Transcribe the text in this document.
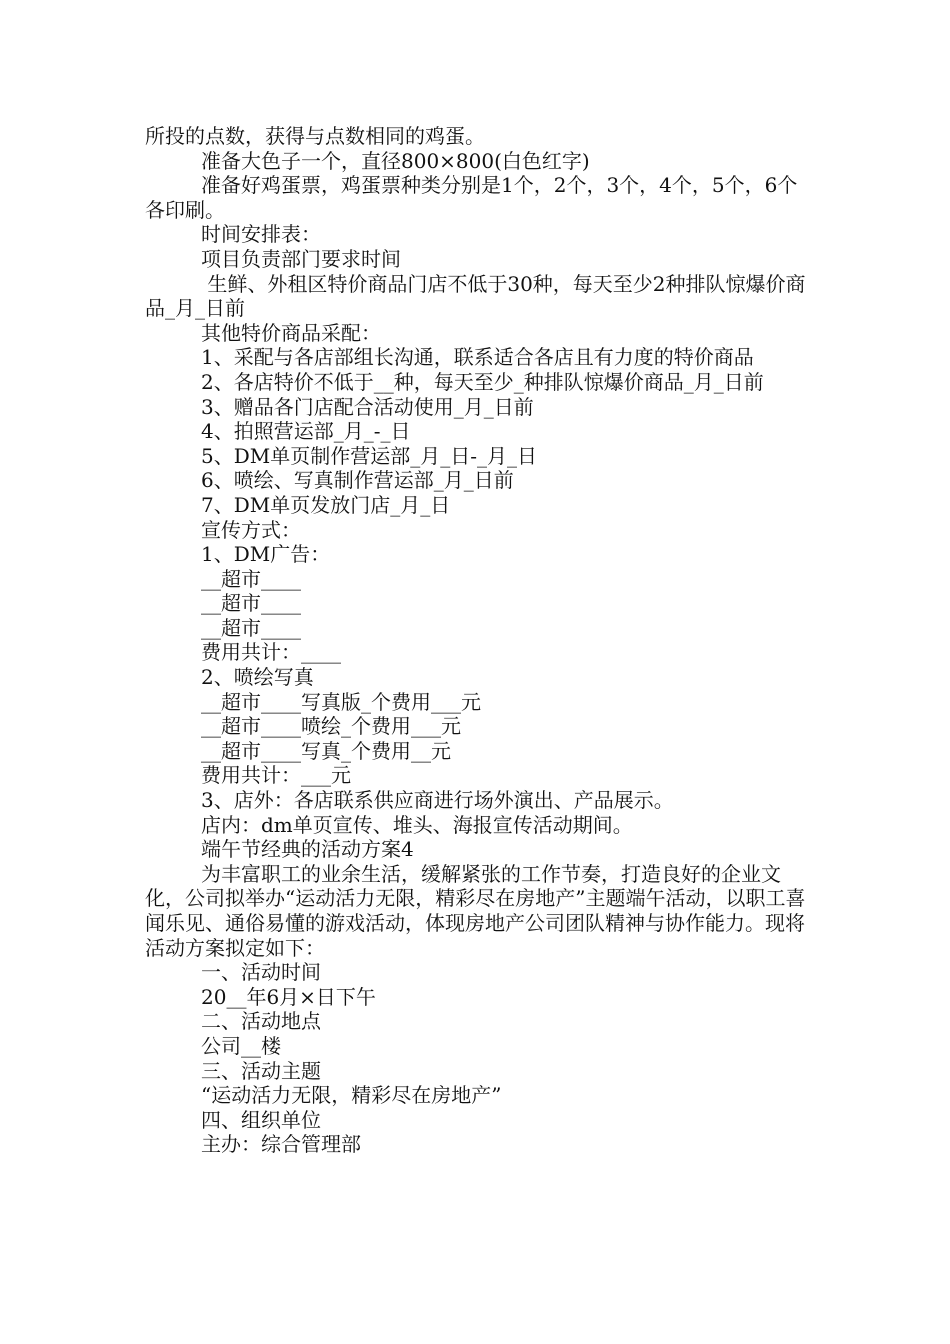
所投的点数，获得与点数相同的鸡蛋。

准备大色子一个，直径800×800(白色红字)

准备好鸡蛋票，鸡蛋票种类分别是1个，2个，3个，4个，5个，6个各印刷。

时间安排表：

项目负责部门要求时间

生鲜、外租区特价商品门店不低于30种，每天至少2种排队惊爆价商品_月_日前

其他特价商品采配：

1、采配与各店部组长沟通，联系适合各店且有力度的特价商品

2、各店特价不低于__种，每天至少_种排队惊爆价商品_月_日前

3、赠品各门店配合活动使用_月_日前

4、拍照营运部_月_-_日

5、DM单页制作营运部_月_日-_月_日

6、喷绘、写真制作营运部_月_日前

7、DM单页发放门店_月_日

宣传方式：

1、DM广告：

__超市____

__超市____

__超市____

费用共计：____

2、喷绘写真

__超市____写真版_个费用___元

__超市____喷绘_个费用___元

__超市____写真_个费用__元

费用共计：___元

3、店外：各店联系供应商进行场外演出、产品展示。

店内：dm单页宣传、堆头、海报宣传活动期间。

端午节经典的活动方案4

为丰富职工的业余生活，缓解紧张的工作节奏，打造良好的企业文化，公司拟举办“运动活力无限，精彩尽在房地产”主题端午活动，以职工喜闻乐见、通俗易懂的游戏活动，体现房地产公司团队精神与协作能力。现将活动方案拟定如下：

一、活动时间

20__年6月×日下午

二、活动地点

公司__楼

三、活动主题

“运动活力无限，精彩尽在房地产”

四、组织单位

主办：综合管理部
